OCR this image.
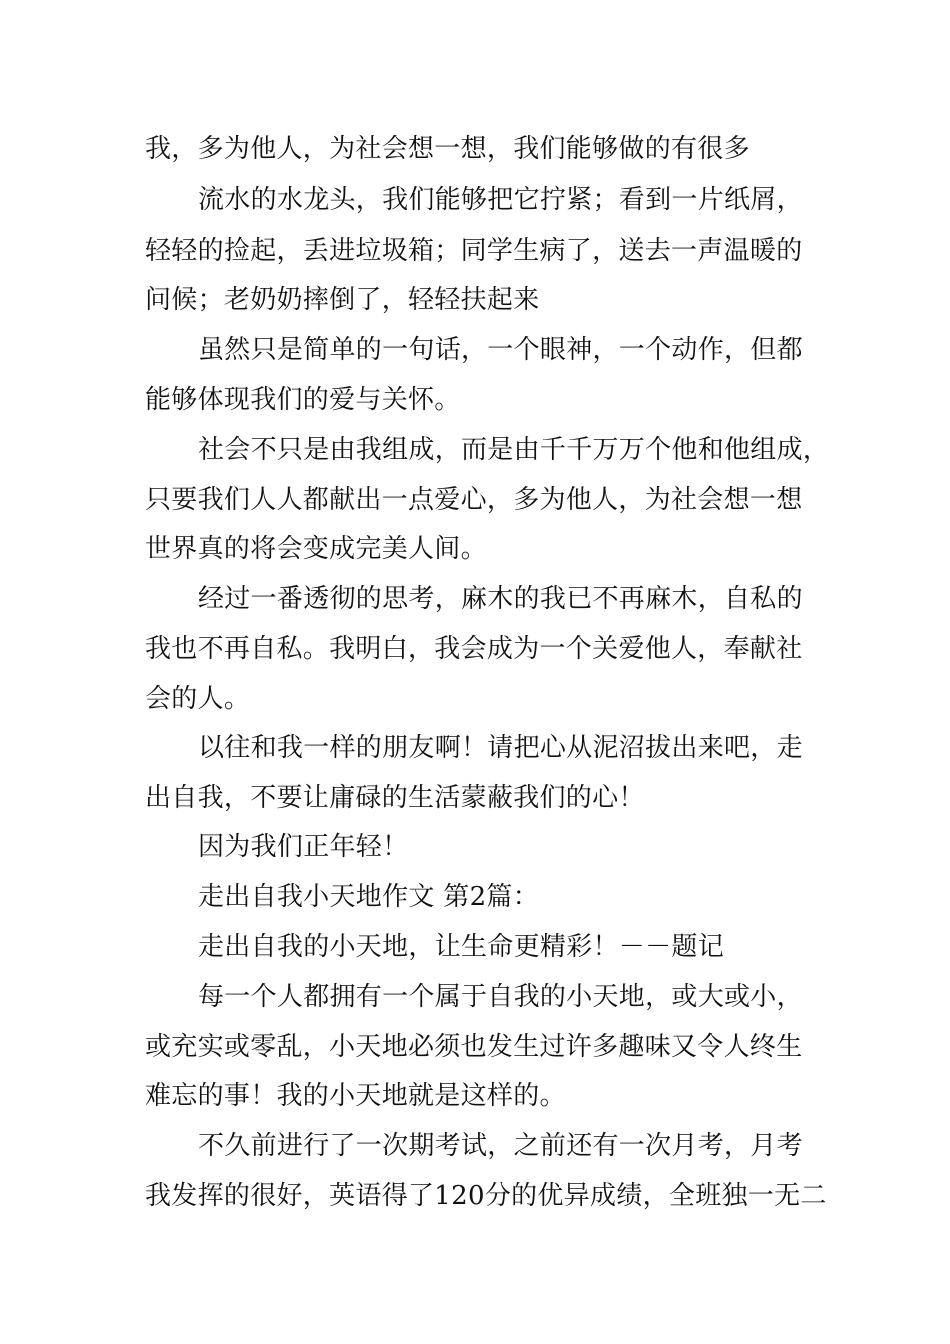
我，多为他人，为社会想一想，我们能够做的有很多
流水的水龙头，我们能够把它拧紧；看到一片纸屑，
轻轻的捡起，丢进垃圾箱；同学生病了，送去一声温暖的
问候；老奶奶摔倒了，轻轻扶起来
虽然只是简单的一句话，一个眼神，一个动作，但都
能够体现我们的爱与关怀。
社会不只是由我组成，而是由千千万万个他和他组成，
只要我们人人都献出一点爱心，多为他人，为社会想一想
世界真的将会变成完美人间。
经过一番透彻的思考，麻木的我已不再麻木，自私的
我也不再自私。我明白，我会成为一个关爱他人，奉献社
会的人。
以往和我一样的朋友啊！请把心从泥沼拔出来吧，走
出自我，不要让庸碌的生活蒙蔽我们的心！
因为我们正年轻！
走出自我小天地作文 第2篇：
走出自我的小天地，让生命更精彩！－－题记
每一个人都拥有一个属于自我的小天地，或大或小，
或充实或零乱，小天地必须也发生过许多趣味又令人终生
难忘的事！我的小天地就是这样的。
不久前进行了一次期考试，之前还有一次月考，月考
我发挥的很好，英语得了120分的优异成绩，全班独一无二
